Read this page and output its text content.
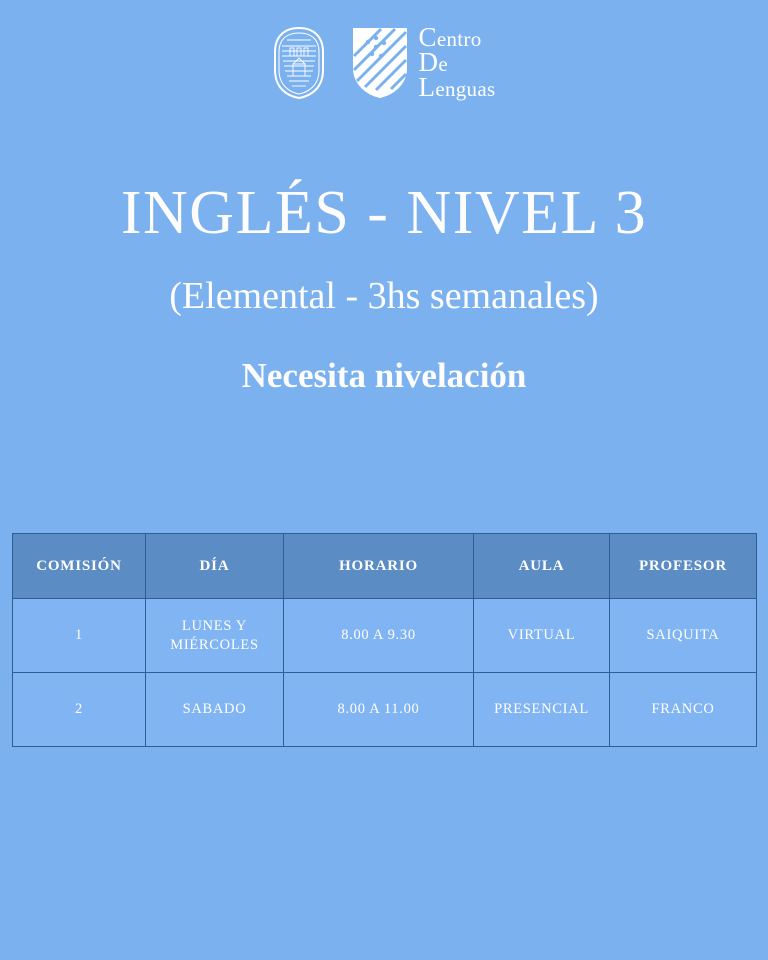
Centro
De
Lenguas
INGLÉS - NIVEL 3
(Elemental - 3hs semanales)
Necesita nivelación
COMISIÓN	DÍA	HORARIO	AULA	PROFESOR
1	LUNES Y MIÉRCOLES	8.00 A 9.30	VIRTUAL	SAIQUITA
2	SABADO	8.00 A 11.00	PRESENCIAL	FRANCO
